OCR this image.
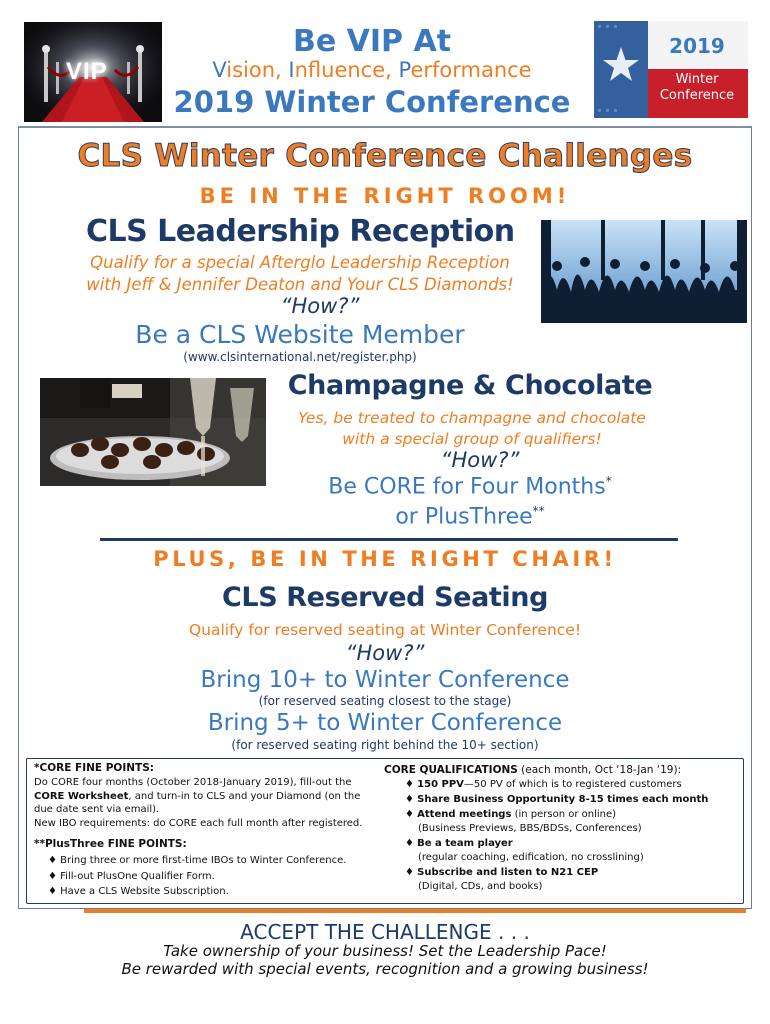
VIP
Be VIP At
Vision, Influence, Performance
2019 Winter Conference
2019
Winter
Conference
CLS Winter Conference Challenges
BE IN THE RIGHT ROOM!
CLS Leadership Reception
Qualify for a special Afterglo Leadership Reception
with Jeff & Jennifer Deaton and Your CLS Diamonds!
“How?”
Be a CLS Website Member
(www.clsinternational.net/register.php)
Champagne & Chocolate
Yes, be treated to champagne and chocolate
with a special group of qualifiers!
“How?”
Be CORE for Four Months*
or PlusThree**
PLUS, BE IN THE RIGHT CHAIR!
CLS Reserved Seating
Qualify for reserved seating at Winter Conference!
“How?”
Bring 10+ to Winter Conference
(for reserved seating closest to the stage)
Bring 5+ to Winter Conference
(for reserved seating right behind the 10+ section)
*CORE FINE POINTS:
Do CORE four months (October 2018-January 2019), fill-out the CORE Worksheet, and turn-in to CLS and your Diamond (on the due date sent via email).
New IBO requirements: do CORE each full month after registered.
**PlusThree FINE POINTS:
♦ Bring three or more first-time IBOs to Winter Conference.
♦ Fill-out PlusOne Qualifier Form.
♦ Have a CLS Website Subscription.
CORE QUALIFICATIONS (each month, Oct ‘18-Jan ‘19):
♦ 150 PPV—50 PV of which is to registered customers
♦ Share Business Opportunity 8-15 times each month
♦ Attend meetings (in person or online)
(Business Previews, BBS/BDSs, Conferences)
♦ Be a team player
(regular coaching, edification, no crosslining)
♦ Subscribe and listen to N21 CEP
(Digital, CDs, and books)
ACCEPT THE CHALLENGE . . .
Take ownership of your business! Set the Leadership Pace!
Be rewarded with special events, recognition and a growing business!
